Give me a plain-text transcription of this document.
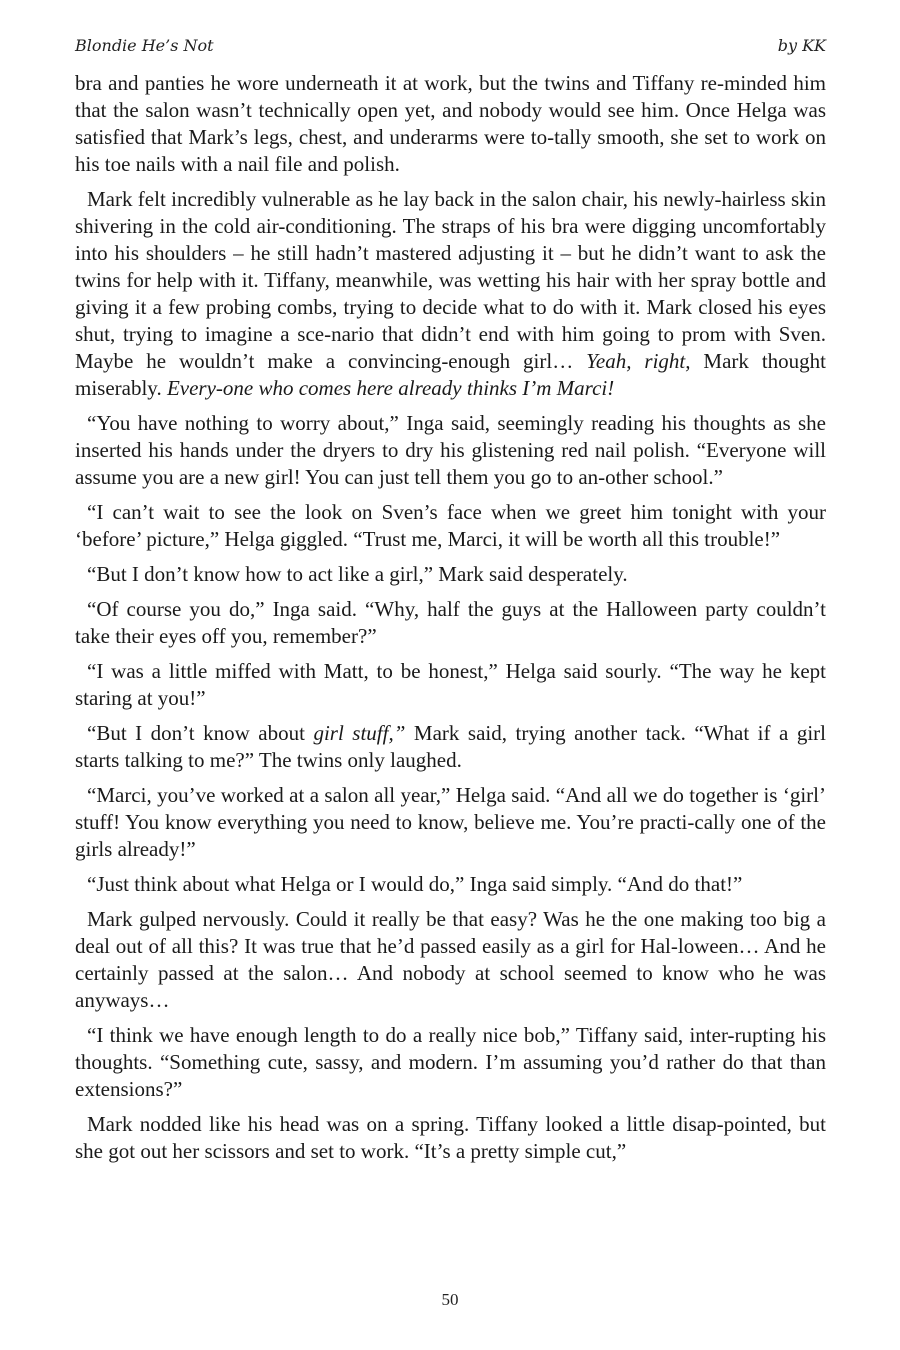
Blondie He’s Not	by KK

bra and panties he wore underneath it at work, but the twins and Tiffany re-minded him that the salon wasn’t technically open yet, and nobody would see him. Once Helga was satisfied that Mark’s legs, chest, and underarms were to-tally smooth, she set to work on his toe nails with a nail file and polish.

Mark felt incredibly vulnerable as he lay back in the salon chair, his newly-hairless skin shivering in the cold air-conditioning. The straps of his bra were digging uncomfortably into his shoulders – he still hadn’t mastered adjusting it – but he didn’t want to ask the twins for help with it. Tiffany, meanwhile, was wetting his hair with her spray bottle and giving it a few probing combs, trying to decide what to do with it. Mark closed his eyes shut, trying to imagine a sce-nario that didn’t end with him going to prom with Sven. Maybe he wouldn’t make a convincing-enough girl… Yeah, right, Mark thought miserably. Every-one who comes here already thinks I’m Marci!

“You have nothing to worry about,” Inga said, seemingly reading his thoughts as she inserted his hands under the dryers to dry his glistening red nail polish. “Everyone will assume you are a new girl! You can just tell them you go to an-other school.”

“I can’t wait to see the look on Sven’s face when we greet him tonight with your ‘before’ picture,” Helga giggled. “Trust me, Marci, it will be worth all this trouble!”

“But I don’t know how to act like a girl,” Mark said desperately.

“Of course you do,” Inga said. “Why, half the guys at the Halloween party couldn’t take their eyes off you, remember?”

“I was a little miffed with Matt, to be honest,” Helga said sourly. “The way he kept staring at you!”

“But I don’t know about girl stuff,” Mark said, trying another tack. “What if a girl starts talking to me?” The twins only laughed.

“Marci, you’ve worked at a salon all year,” Helga said. “And all we do together is ‘girl’ stuff! You know everything you need to know, believe me. You’re practi-cally one of the girls already!”

“Just think about what Helga or I would do,” Inga said simply. “And do that!”

Mark gulped nervously. Could it really be that easy? Was he the one making too big a deal out of all this? It was true that he’d passed easily as a girl for Hal-loween… And he certainly passed at the salon… And nobody at school seemed to know who he was anyways…

“I think we have enough length to do a really nice bob,” Tiffany said, inter-rupting his thoughts. “Something cute, sassy, and modern. I’m assuming you’d rather do that than extensions?”

Mark nodded like his head was on a spring. Tiffany looked a little disap-pointed, but she got out her scissors and set to work. “It’s a pretty simple cut,”

50
